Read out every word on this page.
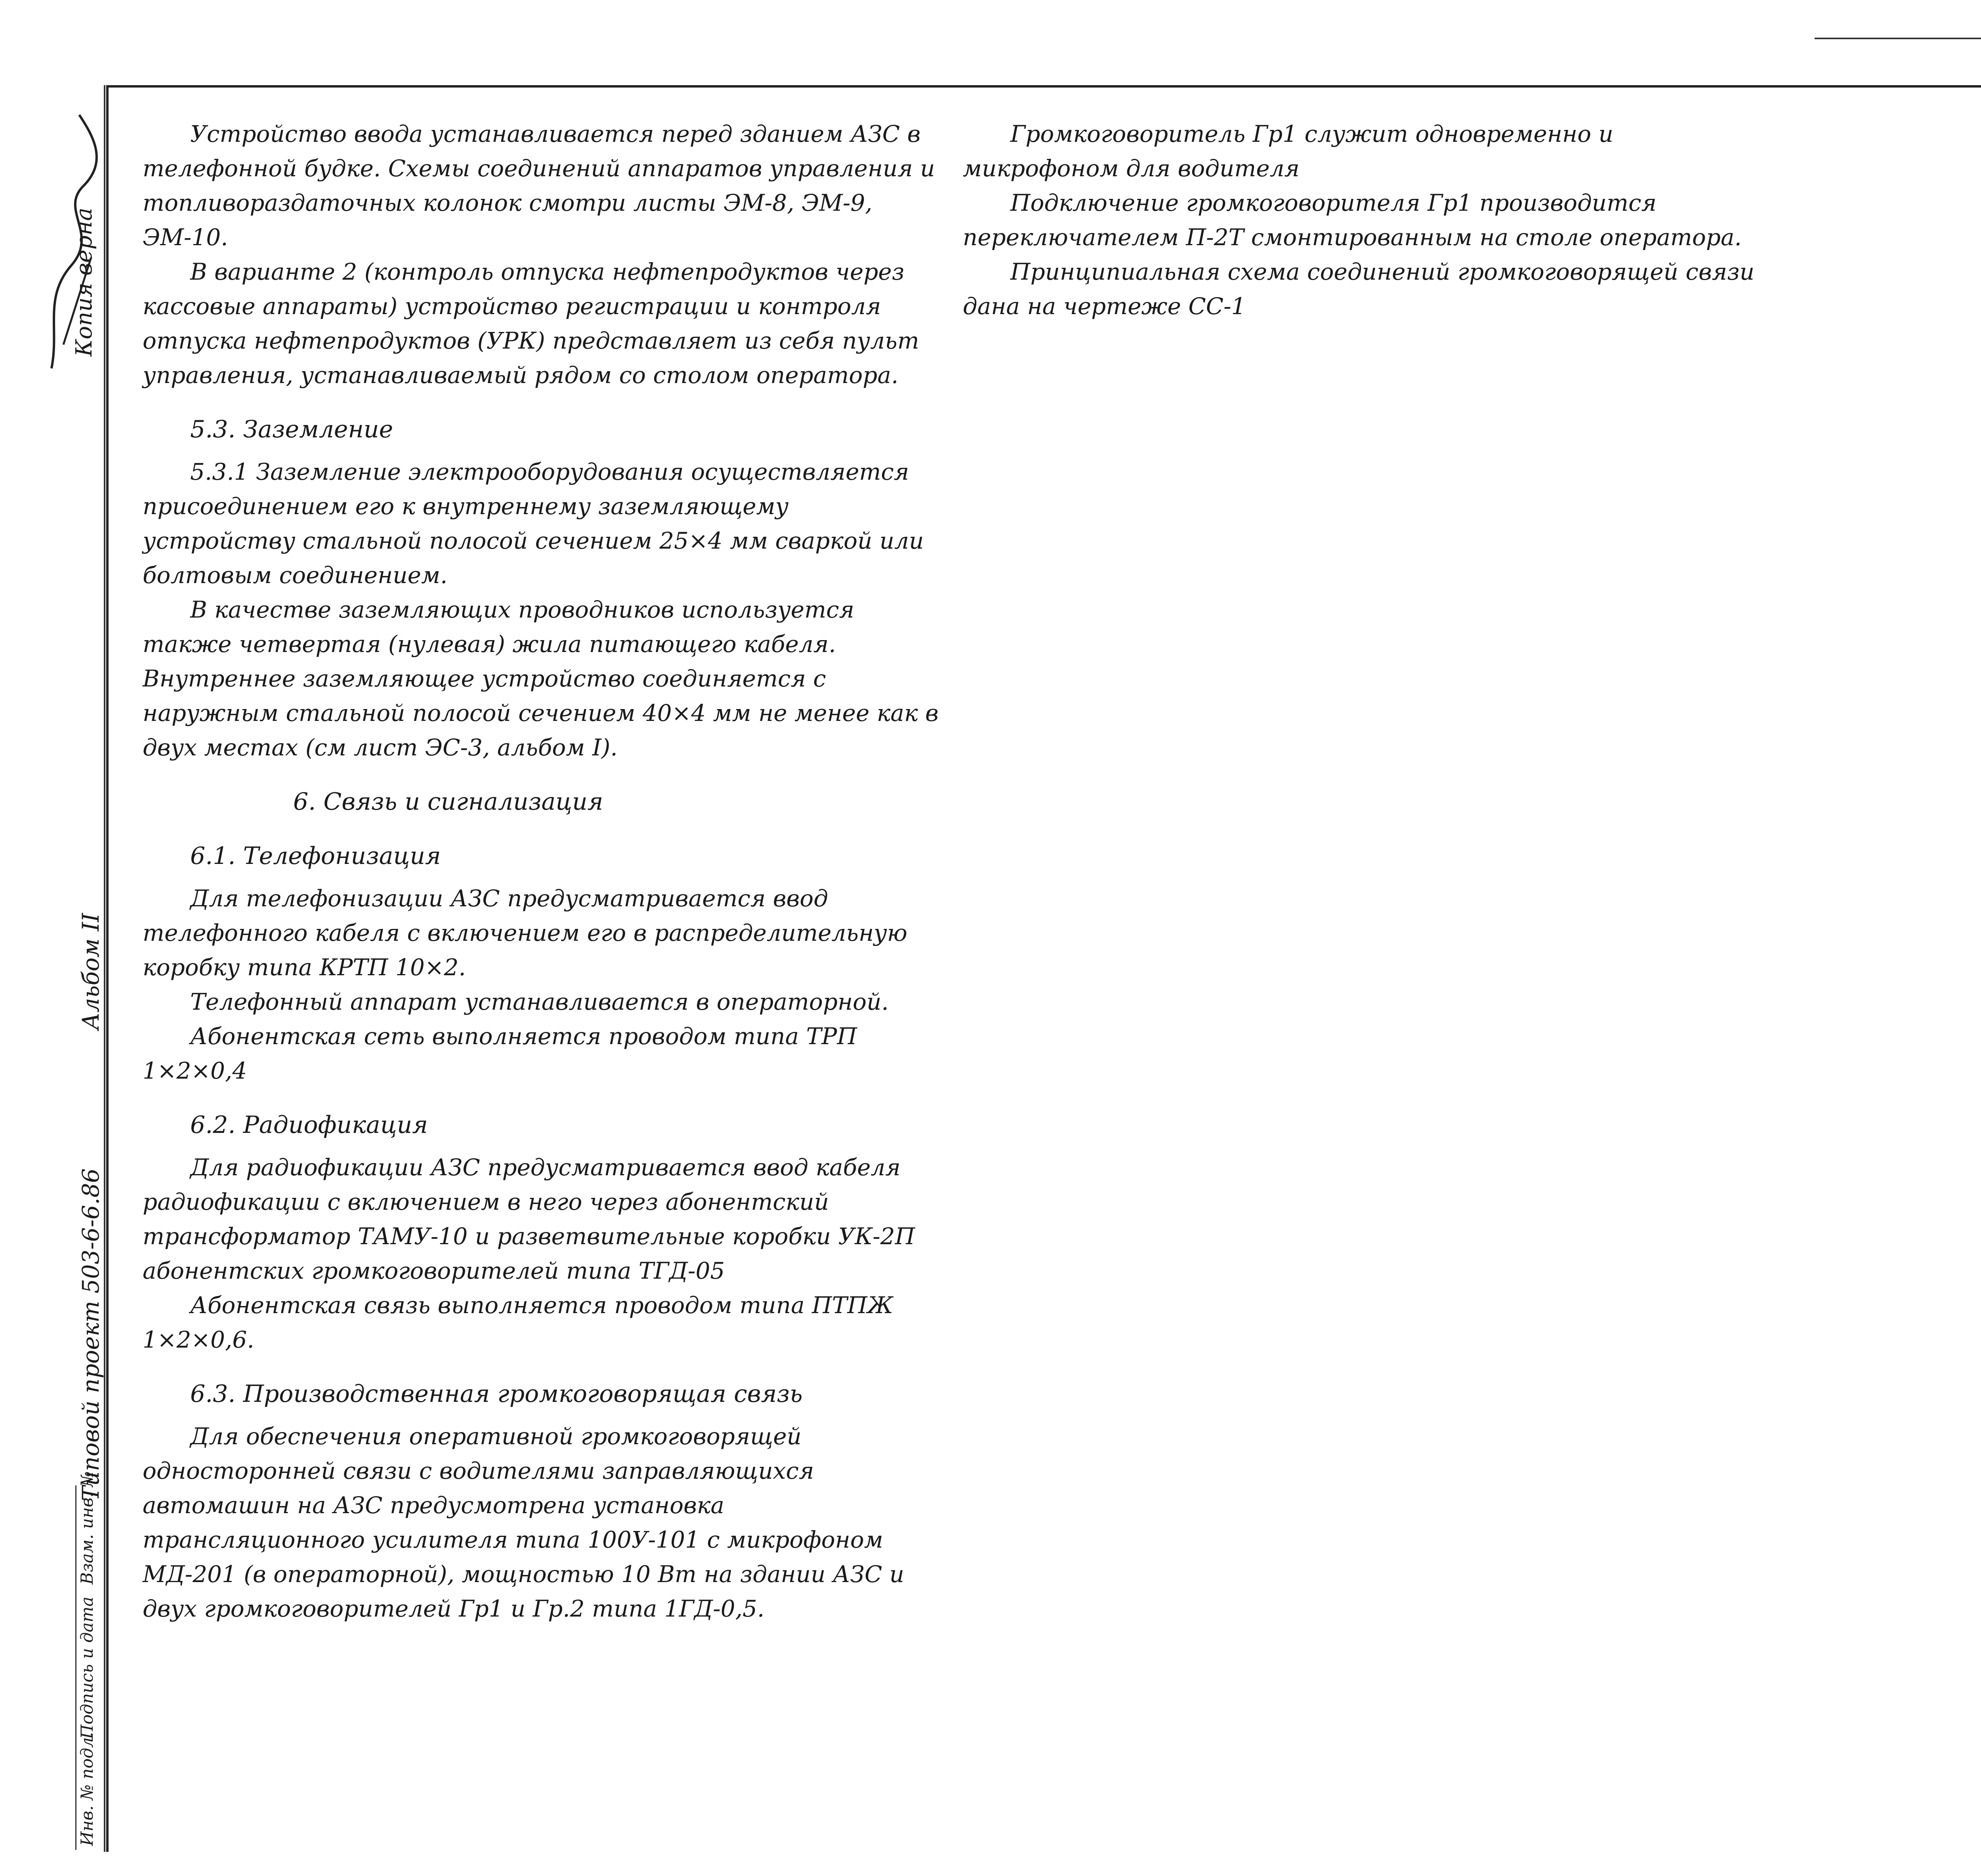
Копия верна
Альбом II
Типовой проект 503-6-6.86
Инв. № подл.
Подпись и дата
Взам. инв. №

Устройство ввода устанавливается перед зданием АЗС в телефонной будке. Схемы соединений аппаратов управления и топливораздаточных колонок смотри листы ЭМ-8, ЭМ-9, ЭМ-10.

В варианте 2 (контроль отпуска нефтепродуктов через кассовые аппараты) устройство регистрации и контроля отпуска нефтепродуктов (УРК) представляет из себя пульт управления, устанавливаемый рядом со столом оператора.

5.3. Заземление

5.3.1 Заземление электрооборудования осуществляется присоединением его к внутреннему заземляющему устройству стальной полосой сечением 25×4 мм сваркой или болтовым соединением.

В качестве заземляющих проводников используется также четвертая (нулевая) жила питающего кабеля. Внутреннее заземляющее устройство соединяется с наружным стальной полосой сечением 40×4 мм не менее как в двух местах (см лист ЭС-3, альбом I).

6. Связь и сигнализация

6.1. Телефонизация

Для телефонизации АЗС предусматривается ввод телефонного кабеля с включением его в распределительную коробку типа КРТП 10×2.

Телефонный аппарат устанавливается в операторной.

Абонентская сеть выполняется проводом типа ТРП 1×2×0,4

6.2. Радиофикация

Для радиофикации АЗС предусматривается ввод кабеля радиофикации с включением в него через абонентский трансформатор ТАМУ-10 и разветвительные коробки УК-2П абонентских громкоговорителей типа ТГД-05

Абонентская связь выполняется проводом типа ПТПЖ 1×2×0,6.

6.3. Производственная громкоговорящая связь

Для обеспечения оперативной громкоговорящей односторонней связи с водителями заправляющихся автомашин на АЗС предусмотрена установка трансляционного усилителя типа 100У-101 с микрофоном МД-201 (в операторной), мощностью 10 Вт на здании АЗС и двух громкоговорителей Гр1 и Гр.2 типа 1ГД-0,5.

Громкоговоритель Гр1 служит одновременно и микрофоном для водителя

Подключение громкоговорителя Гр1 производится переключателем П-2Т смонтированным на столе оператора.

Принципиальная схема соединений громкоговорящей связи дана на чертеже СС-1
